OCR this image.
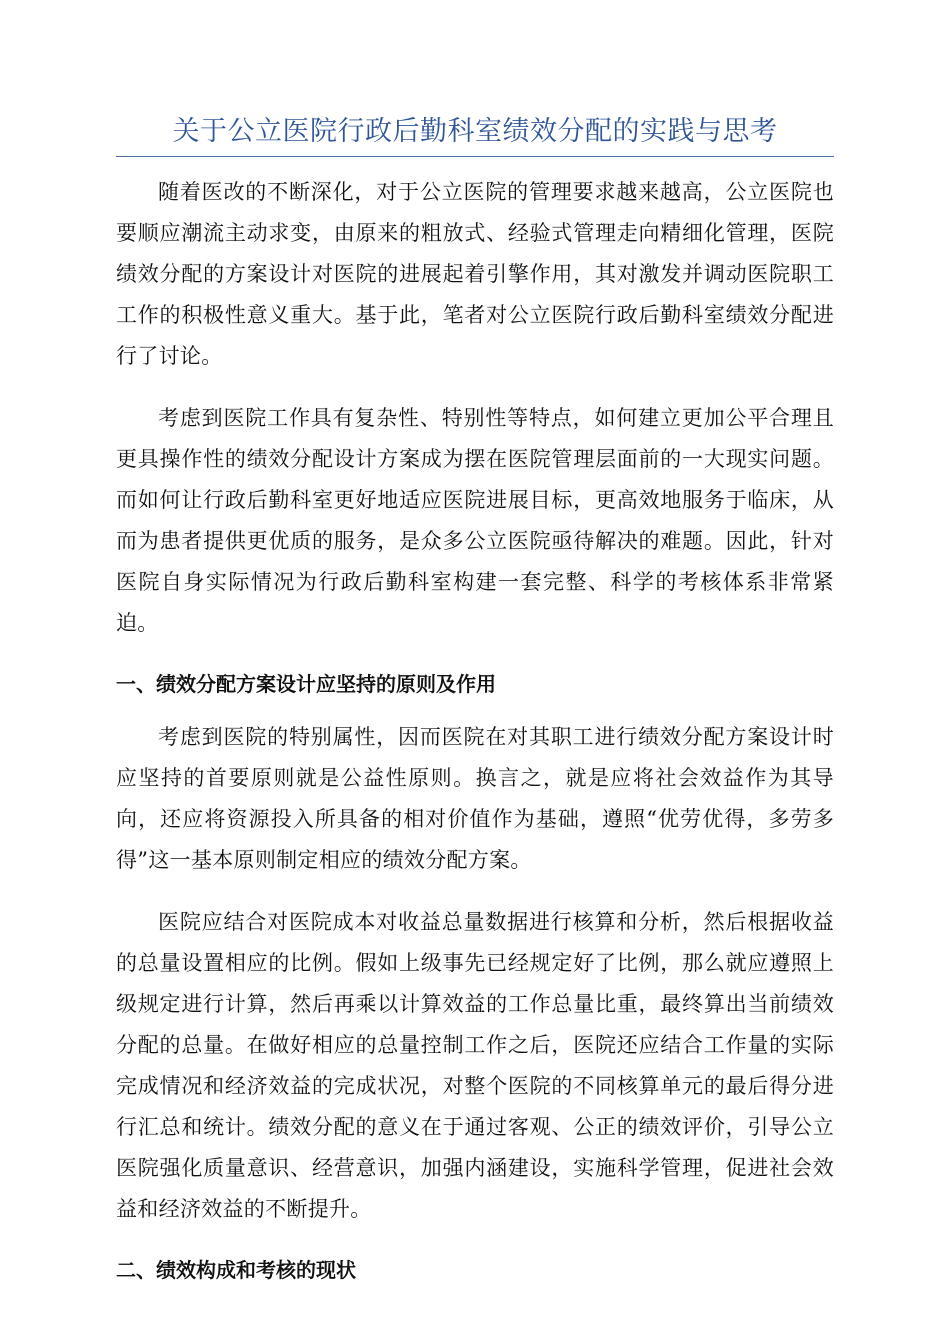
关于公立医院行政后勤科室绩效分配的实践与思考

随着医改的不断深化，对于公立医院的管理要求越来越高，公立医院也要顺应潮流主动求变，由原来的粗放式、经验式管理走向精细化管理，医院绩效分配的方案设计对医院的进展起着引擎作用，其对激发并调动医院职工工作的积极性意义重大。基于此，笔者对公立医院行政后勤科室绩效分配进行了讨论。

考虑到医院工作具有复杂性、特别性等特点，如何建立更加公平合理且更具操作性的绩效分配设计方案成为摆在医院管理层面前的一大现实问题。而如何让行政后勤科室更好地适应医院进展目标，更高效地服务于临床，从而为患者提供更优质的服务，是众多公立医院亟待解决的难题。因此，针对医院自身实际情况为行政后勤科室构建一套完整、科学的考核体系非常紧迫。

一、绩效分配方案设计应坚持的原则及作用

考虑到医院的特别属性，因而医院在对其职工进行绩效分配方案设计时应坚持的首要原则就是公益性原则。换言之，就是应将社会效益作为其导向，还应将资源投入所具备的相对价值作为基础，遵照“优劳优得，多劳多得”这一基本原则制定相应的绩效分配方案。

医院应结合对医院成本对收益总量数据进行核算和分析，然后根据收益的总量设置相应的比例。假如上级事先已经规定好了比例，那么就应遵照上级规定进行计算，然后再乘以计算效益的工作总量比重，最终算出当前绩效分配的总量。在做好相应的总量控制工作之后，医院还应结合工作量的实际完成情况和经济效益的完成状况，对整个医院的不同核算单元的最后得分进行汇总和统计。绩效分配的意义在于通过客观、公正的绩效评价，引导公立医院强化质量意识、经营意识，加强内涵建设，实施科学管理，促进社会效益和经济效益的不断提升。

二、绩效构成和考核的现状
